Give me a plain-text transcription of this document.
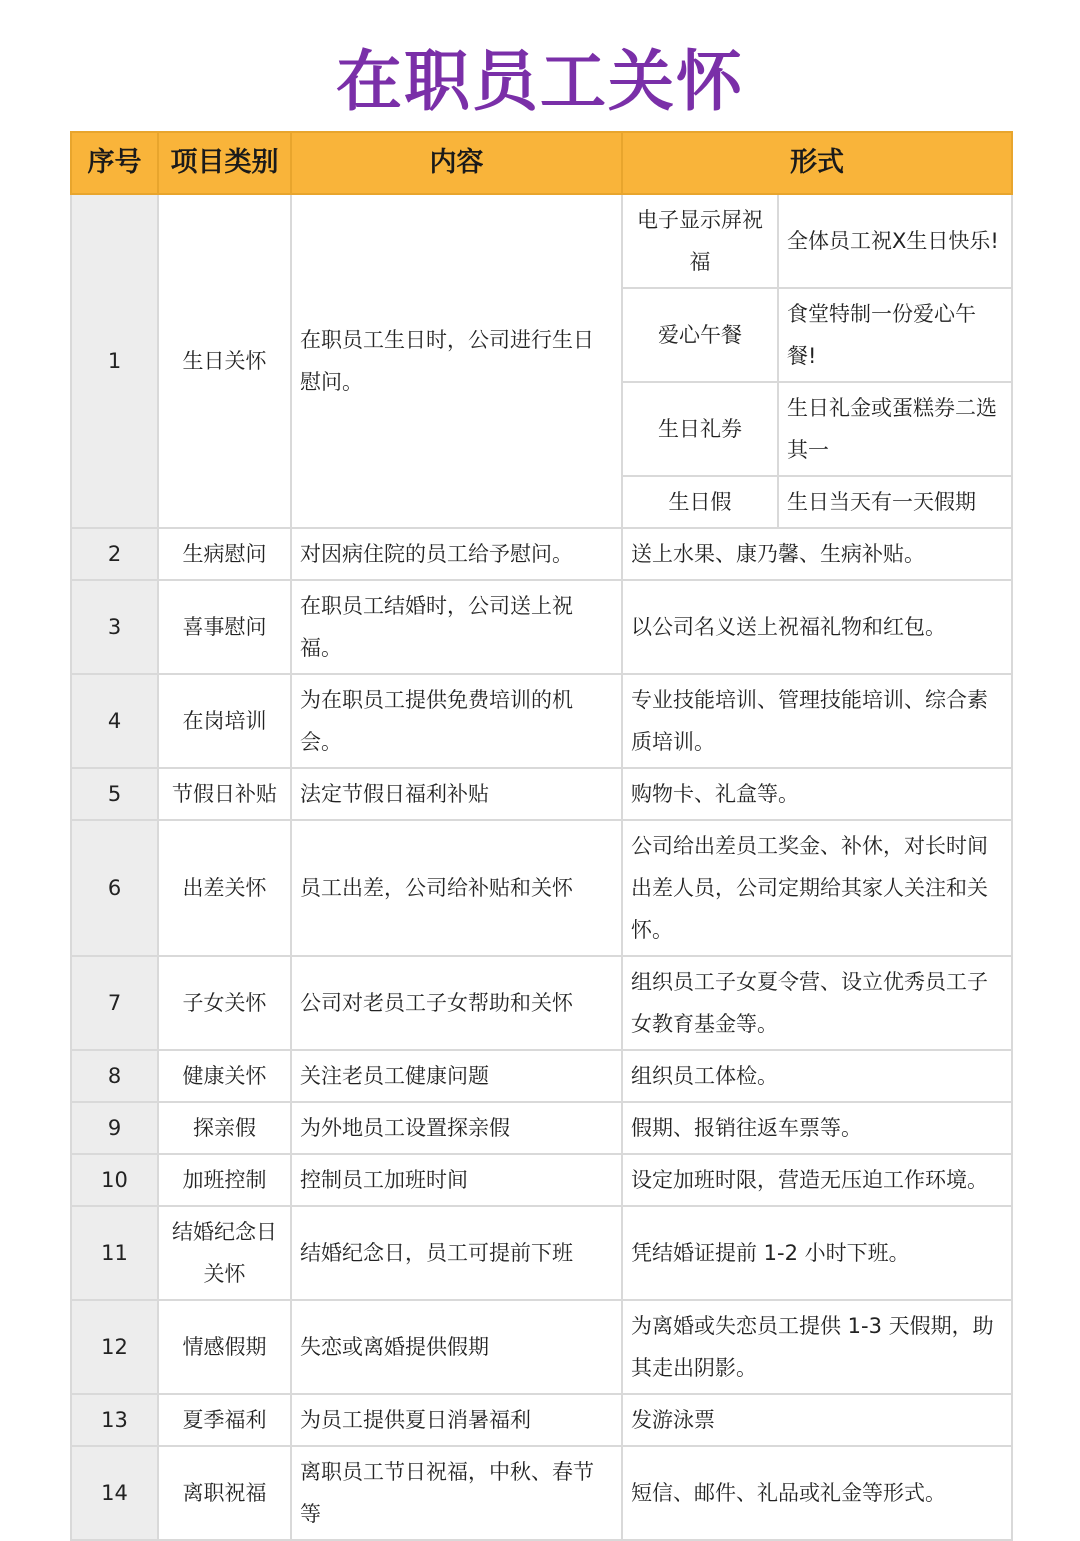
在职员工关怀
序号	项目类别	内容	形式	
1	生日关怀	在职员工生日时，公司进行生日慰问。	电子显示屏祝福	全体员工祝X生日快乐!
			爱心午餐	食堂特制一份爱心午餐!
			生日礼券	生日礼金或蛋糕券二选其一
			生日假	生日当天有一天假期
2	生病慰问	对因病住院的员工给予慰问。	送上水果、康乃馨、生病补贴。	
3	喜事慰问	在职员工结婚时，公司送上祝福。	以公司名义送上祝福礼物和红包。	
4	在岗培训	为在职员工提供免费培训的机会。	专业技能培训、管理技能培训、综合素质培训。	
5	节假日补贴	法定节假日福利补贴	购物卡、礼盒等。	
6	出差关怀	员工出差，公司给补贴和关怀	公司给出差员工奖金、补休，对长时间出差人员，公司定期给其家人关注和关怀。	
7	子女关怀	公司对老员工子女帮助和关怀	组织员工子女夏令营、设立优秀员工子女教育基金等。	
8	健康关怀	关注老员工健康问题	组织员工体检。	
9	探亲假	为外地员工设置探亲假	假期、报销往返车票等。	
10	加班控制	控制员工加班时间	设定加班时限，营造无压迫工作环境。	
11	结婚纪念日关怀	结婚纪念日，员工可提前下班	凭结婚证提前 1-2 小时下班。	
12	情感假期	失恋或离婚提供假期	为离婚或失恋员工提供 1-3 天假期，助其走出阴影。	
13	夏季福利	为员工提供夏日消暑福利	发游泳票	
14	离职祝福	离职员工节日祝福，中秋、春节等	短信、邮件、礼品或礼金等形式。	
